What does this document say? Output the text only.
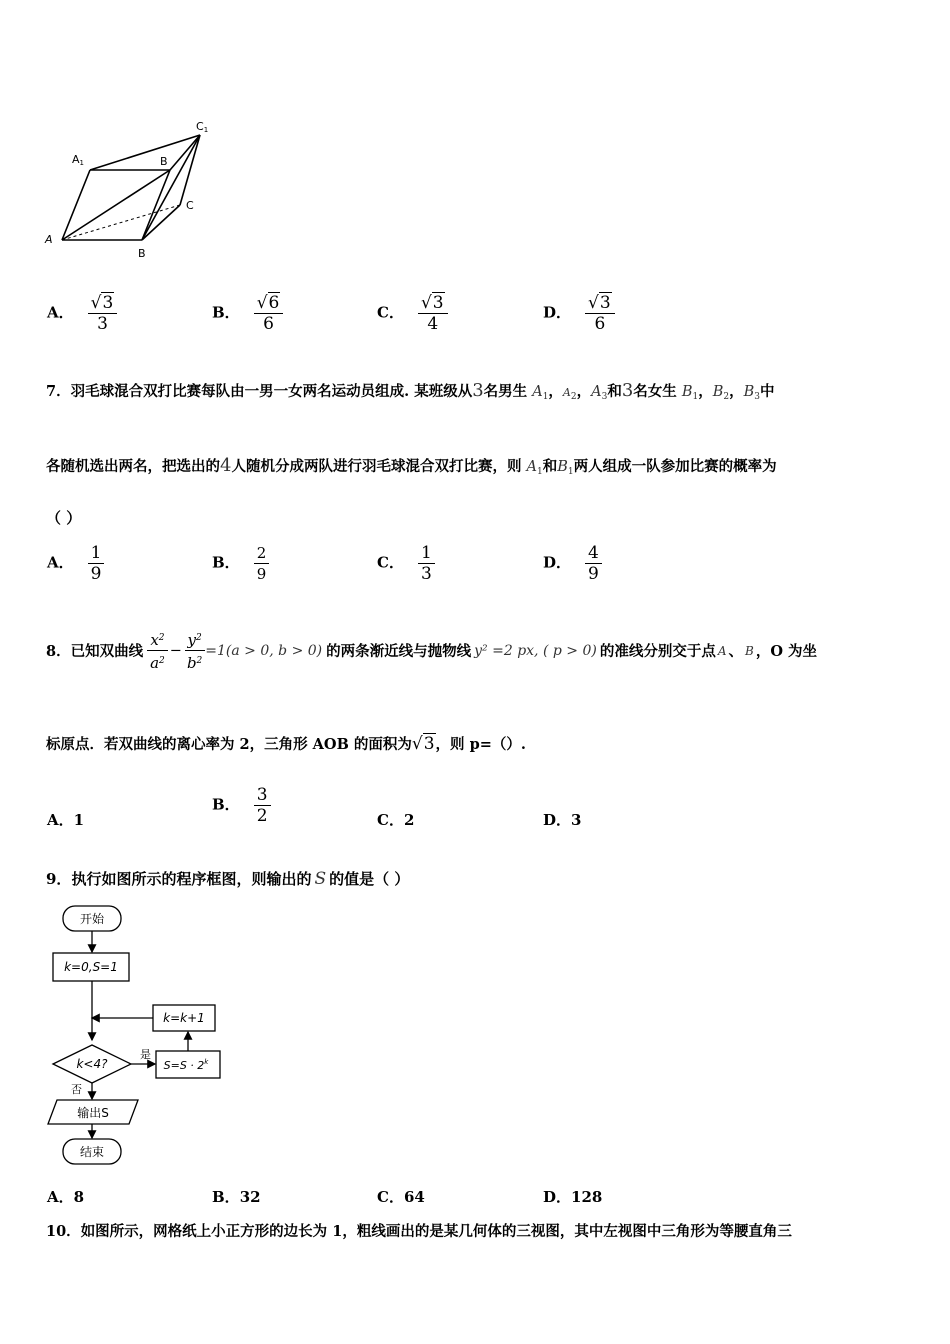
A1	B
C1
C
A
B
A． $\frac{√3}{3}$	B． $\frac{√6}{6}$	C． $\frac{√3}{4}$	D． $\frac{√3}{6}$
7．羽毛球混合双打比赛每队由一男一女两名运动员组成. 某班级从3名男生 $A_1$，$A_2$，$A_3$和3名女生 $B_1$，$B_2$，$B_3$中
各随机选出两名，把选出的4人随机分成两队进行羽毛球混合双打比赛，则 $A_1$和$B_1$两人组成一队参加比赛的概率为
（ ）
A． $\frac{1}{9}$	B． $\frac{2}{9}$	C． $\frac{1}{3}$	D． $\frac{4}{9}$
8． 已知双曲线 $\frac{x^2}{a^2} - \frac{y^2}{b^2} =1(a > 0$, b > 0) 的两条渐近线与抛物线 y² =2 px, ( p > 0) 的准线分别交于点 A 、 B ，O 为坐
标原点．若双曲线的离心率为 2，三角形 AOB 的面积为√3，则 p=（）.
A．1
B． $\frac{3}{2}$	C．2	D．3
9．执行如图所示的程序框图，则输出的 S 的值是（ ）
开始
k=0,S=1
k=k+1
k<4?
是
$S=S \cdot 2^k$
否
输出S
结束
A．8	B．32	C．64	D．128
10．如图所示，网格纸上小正方形的边长为 1，粗线画出的是某几何体的三视图，其中左视图中三角形为等腰直角三
